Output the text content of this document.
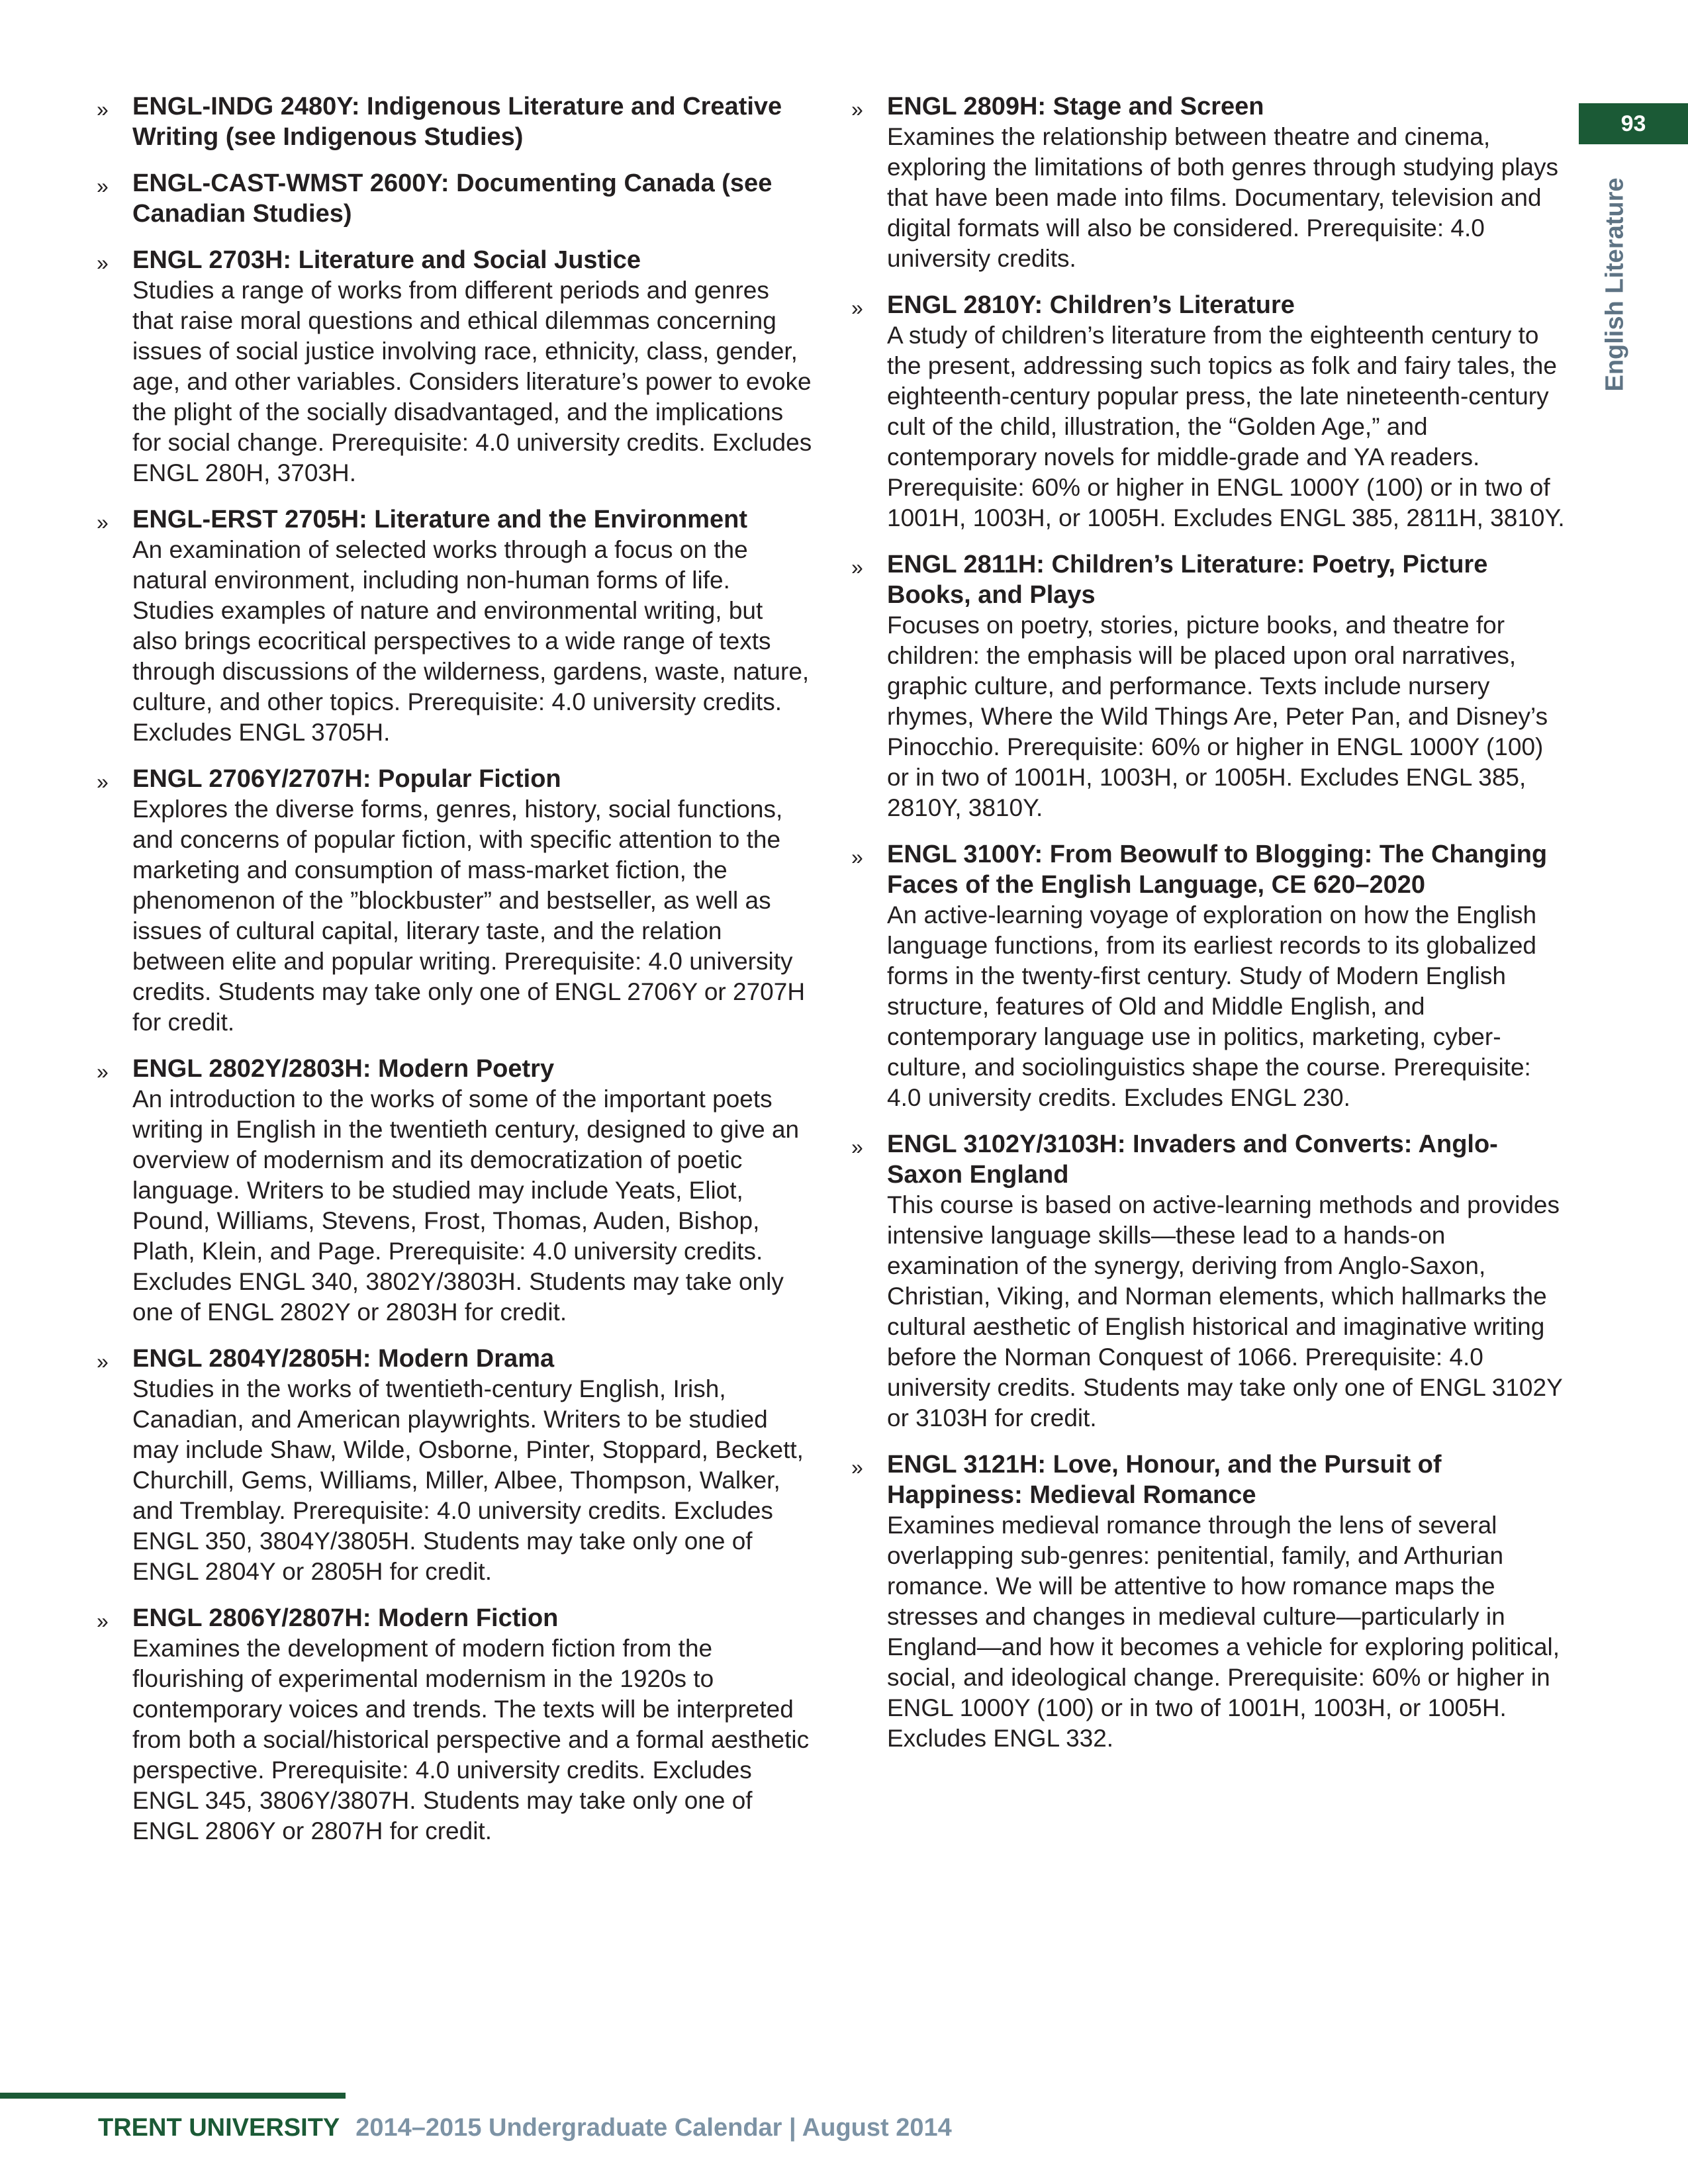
» ENGL-INDG 2480Y: Indigenous Literature and Creative Writing (see Indigenous Studies)
» ENGL-CAST-WMST 2600Y: Documenting Canada (see Canadian Studies)
» ENGL 2703H: Literature and Social Justice
Studies a range of works from different periods and genres that raise moral questions and ethical dilemmas concerning issues of social justice involving race, ethnicity, class, gender, age, and other variables. Considers literature’s power to evoke the plight of the socially disadvantaged, and the implications for social change. Prerequisite: 4.0 university credits. Excludes ENGL 280H, 3703H.
» ENGL-ERST 2705H: Literature and the Environment
An examination of selected works through a focus on the natural environment, including non-human forms of life. Studies examples of nature and environmental writing, but also brings ecocritical perspectives to a wide range of texts through discussions of the wilderness, gardens, waste, nature, culture, and other topics. Prerequisite: 4.0 university credits. Excludes ENGL 3705H.
» ENGL 2706Y/2707H: Popular Fiction
Explores the diverse forms, genres, history, social functions, and concerns of popular fiction, with specific attention to the marketing and consumption of mass-market fiction, the phenomenon of the ”blockbuster” and bestseller, as well as issues of cultural capital, literary taste, and the relation between elite and popular writing. Prerequisite: 4.0 university credits. Students may take only one of ENGL 2706Y or 2707H for credit.
» ENGL 2802Y/2803H: Modern Poetry
An introduction to the works of some of the important poets writing in English in the twentieth century, designed to give an overview of modernism and its democratization of poetic language. Writers to be studied may include Yeats, Eliot, Pound, Williams, Stevens, Frost, Thomas, Auden, Bishop, Plath, Klein, and Page. Prerequisite: 4.0 university credits. Excludes ENGL 340, 3802Y/3803H. Students may take only one of ENGL 2802Y or 2803H for credit.
» ENGL 2804Y/2805H: Modern Drama
Studies in the works of twentieth-century English, Irish, Canadian, and American playwrights. Writers to be studied may include Shaw, Wilde, Osborne, Pinter, Stoppard, Beckett, Churchill, Gems, Williams, Miller, Albee, Thompson, Walker, and Tremblay. Prerequisite: 4.0 university credits. Excludes ENGL 350, 3804Y/3805H. Students may take only one of ENGL 2804Y or 2805H for credit.
» ENGL 2806Y/2807H: Modern Fiction
Examines the development of modern fiction from the flourishing of experimental modernism in the 1920s to contemporary voices and trends. The texts will be interpreted from both a social/historical perspective and a formal aesthetic perspective. Prerequisite: 4.0 university credits. Excludes ENGL 345, 3806Y/3807H. Students may take only one of ENGL 2806Y or 2807H for credit.
» ENGL 2809H: Stage and Screen
Examines the relationship between theatre and cinema, exploring the limitations of both genres through studying plays that have been made into films. Documentary, television and digital formats will also be considered. Prerequisite: 4.0 university credits.
» ENGL 2810Y: Children’s Literature
A study of children’s literature from the eighteenth century to the present, addressing such topics as folk and fairy tales, the eighteenth-century popular press, the late nineteenth-century cult of the child, illustration, the “Golden Age,” and contemporary novels for middle-grade and YA readers. Prerequisite: 60% or higher in ENGL 1000Y (100) or in two of 1001H, 1003H, or 1005H. Excludes ENGL 385, 2811H, 3810Y.
» ENGL 2811H: Children’s Literature: Poetry, Picture Books, and Plays
Focuses on poetry, stories, picture books, and theatre for children: the emphasis will be placed upon oral narratives, graphic culture, and performance. Texts include nursery rhymes, Where the Wild Things Are, Peter Pan, and Disney’s Pinocchio. Prerequisite: 60% or higher in ENGL 1000Y (100) or in two of 1001H, 1003H, or 1005H. Excludes ENGL 385, 2810Y, 3810Y.
» ENGL 3100Y: From Beowulf to Blogging: The Changing Faces of the English Language, CE 620–2020
An active-learning voyage of exploration on how the English language functions, from its earliest records to its globalized forms in the twenty-first century. Study of Modern English structure, features of Old and Middle English, and contemporary language use in politics, marketing, cyber-culture, and sociolinguistics shape the course. Prerequisite: 4.0 university credits. Excludes ENGL 230.
» ENGL 3102Y/3103H: Invaders and Converts: Anglo-Saxon England
This course is based on active-learning methods and provides intensive language skills—these lead to a hands-on examination of the synergy, deriving from Anglo-Saxon, Christian, Viking, and Norman elements, which hallmarks the cultural aesthetic of English historical and imaginative writing before the Norman Conquest of 1066. Prerequisite: 4.0 university credits. Students may take only one of ENGL 3102Y or 3103H for credit.
» ENGL 3121H: Love, Honour, and the Pursuit of Happiness: Medieval Romance
Examines medieval romance through the lens of several overlapping sub-genres: penitential, family, and Arthurian romance. We will be attentive to how romance maps the stresses and changes in medieval culture—particularly in England—and how it becomes a vehicle for exploring political, social, and ideological change. Prerequisite: 60% or higher in ENGL 1000Y (100) or in two of 1001H, 1003H, or 1005H. Excludes ENGL 332.
93
English Literature
TRENT UNIVERSITY 2014–2015 Undergraduate Calendar | August 2014
